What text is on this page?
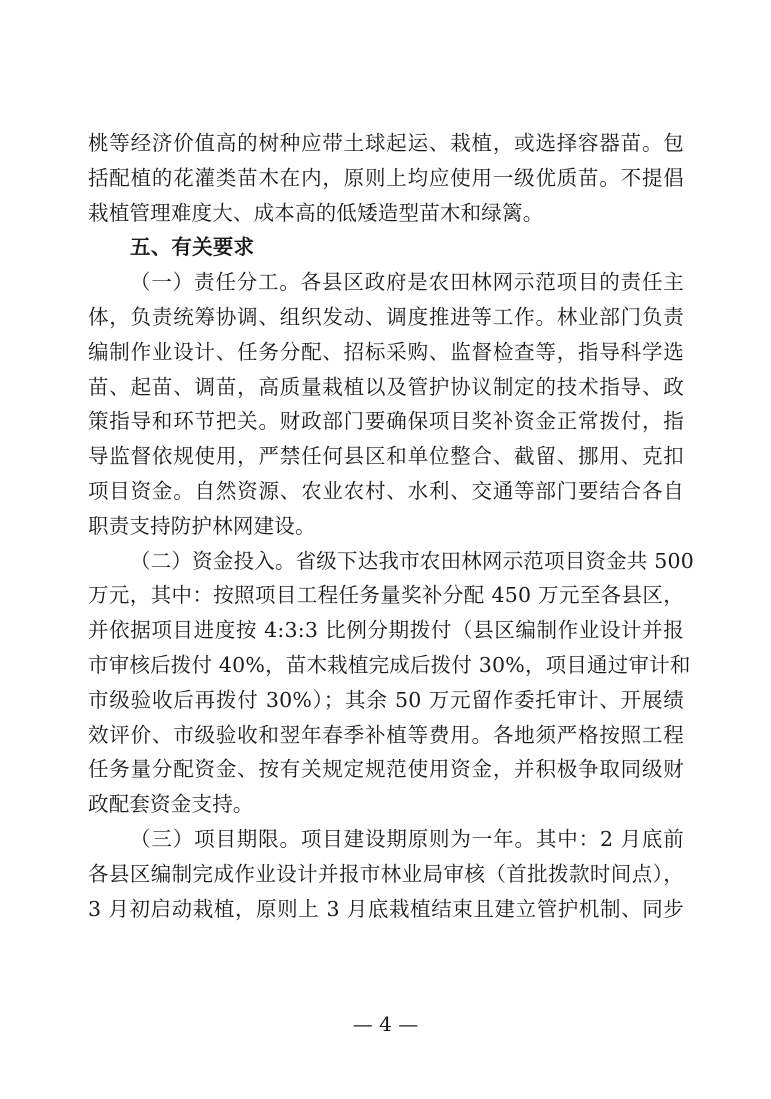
桃等经济价值高的树种应带土球起运、栽植，或选择容器苗。包
括配植的花灌类苗木在内，原则上均应使用一级优质苗。不提倡
栽植管理难度大、成本高的低矮造型苗木和绿篱。
五、有关要求
（一）责任分工。各县区政府是农田林网示范项目的责任主
体，负责统筹协调、组织发动、调度推进等工作。林业部门负责
编制作业设计、任务分配、招标采购、监督检查等，指导科学选
苗、起苗、调苗，高质量栽植以及管护协议制定的技术指导、政
策指导和环节把关。财政部门要确保项目奖补资金正常拨付，指
导监督依规使用，严禁任何县区和单位整合、截留、挪用、克扣
项目资金。自然资源、农业农村、水利、交通等部门要结合各自
职责支持防护林网建设。
（二）资金投入。省级下达我市农田林网示范项目资金共 500
万元，其中：按照项目工程任务量奖补分配 450 万元至各县区，
并依据项目进度按 4:3:3 比例分期拨付（县区编制作业设计并报
市审核后拨付 40%，苗木栽植完成后拨付 30%，项目通过审计和
市级验收后再拨付 30%）；其余 50 万元留作委托审计、开展绩
效评价、市级验收和翌年春季补植等费用。各地须严格按照工程
任务量分配资金、按有关规定规范使用资金，并积极争取同级财
政配套资金支持。
（三）项目期限。项目建设期原则为一年。其中：2 月底前
各县区编制完成作业设计并报市林业局审核（首批拨款时间点），
3 月初启动栽植，原则上 3 月底栽植结束且建立管护机制、同步
— 4 —
